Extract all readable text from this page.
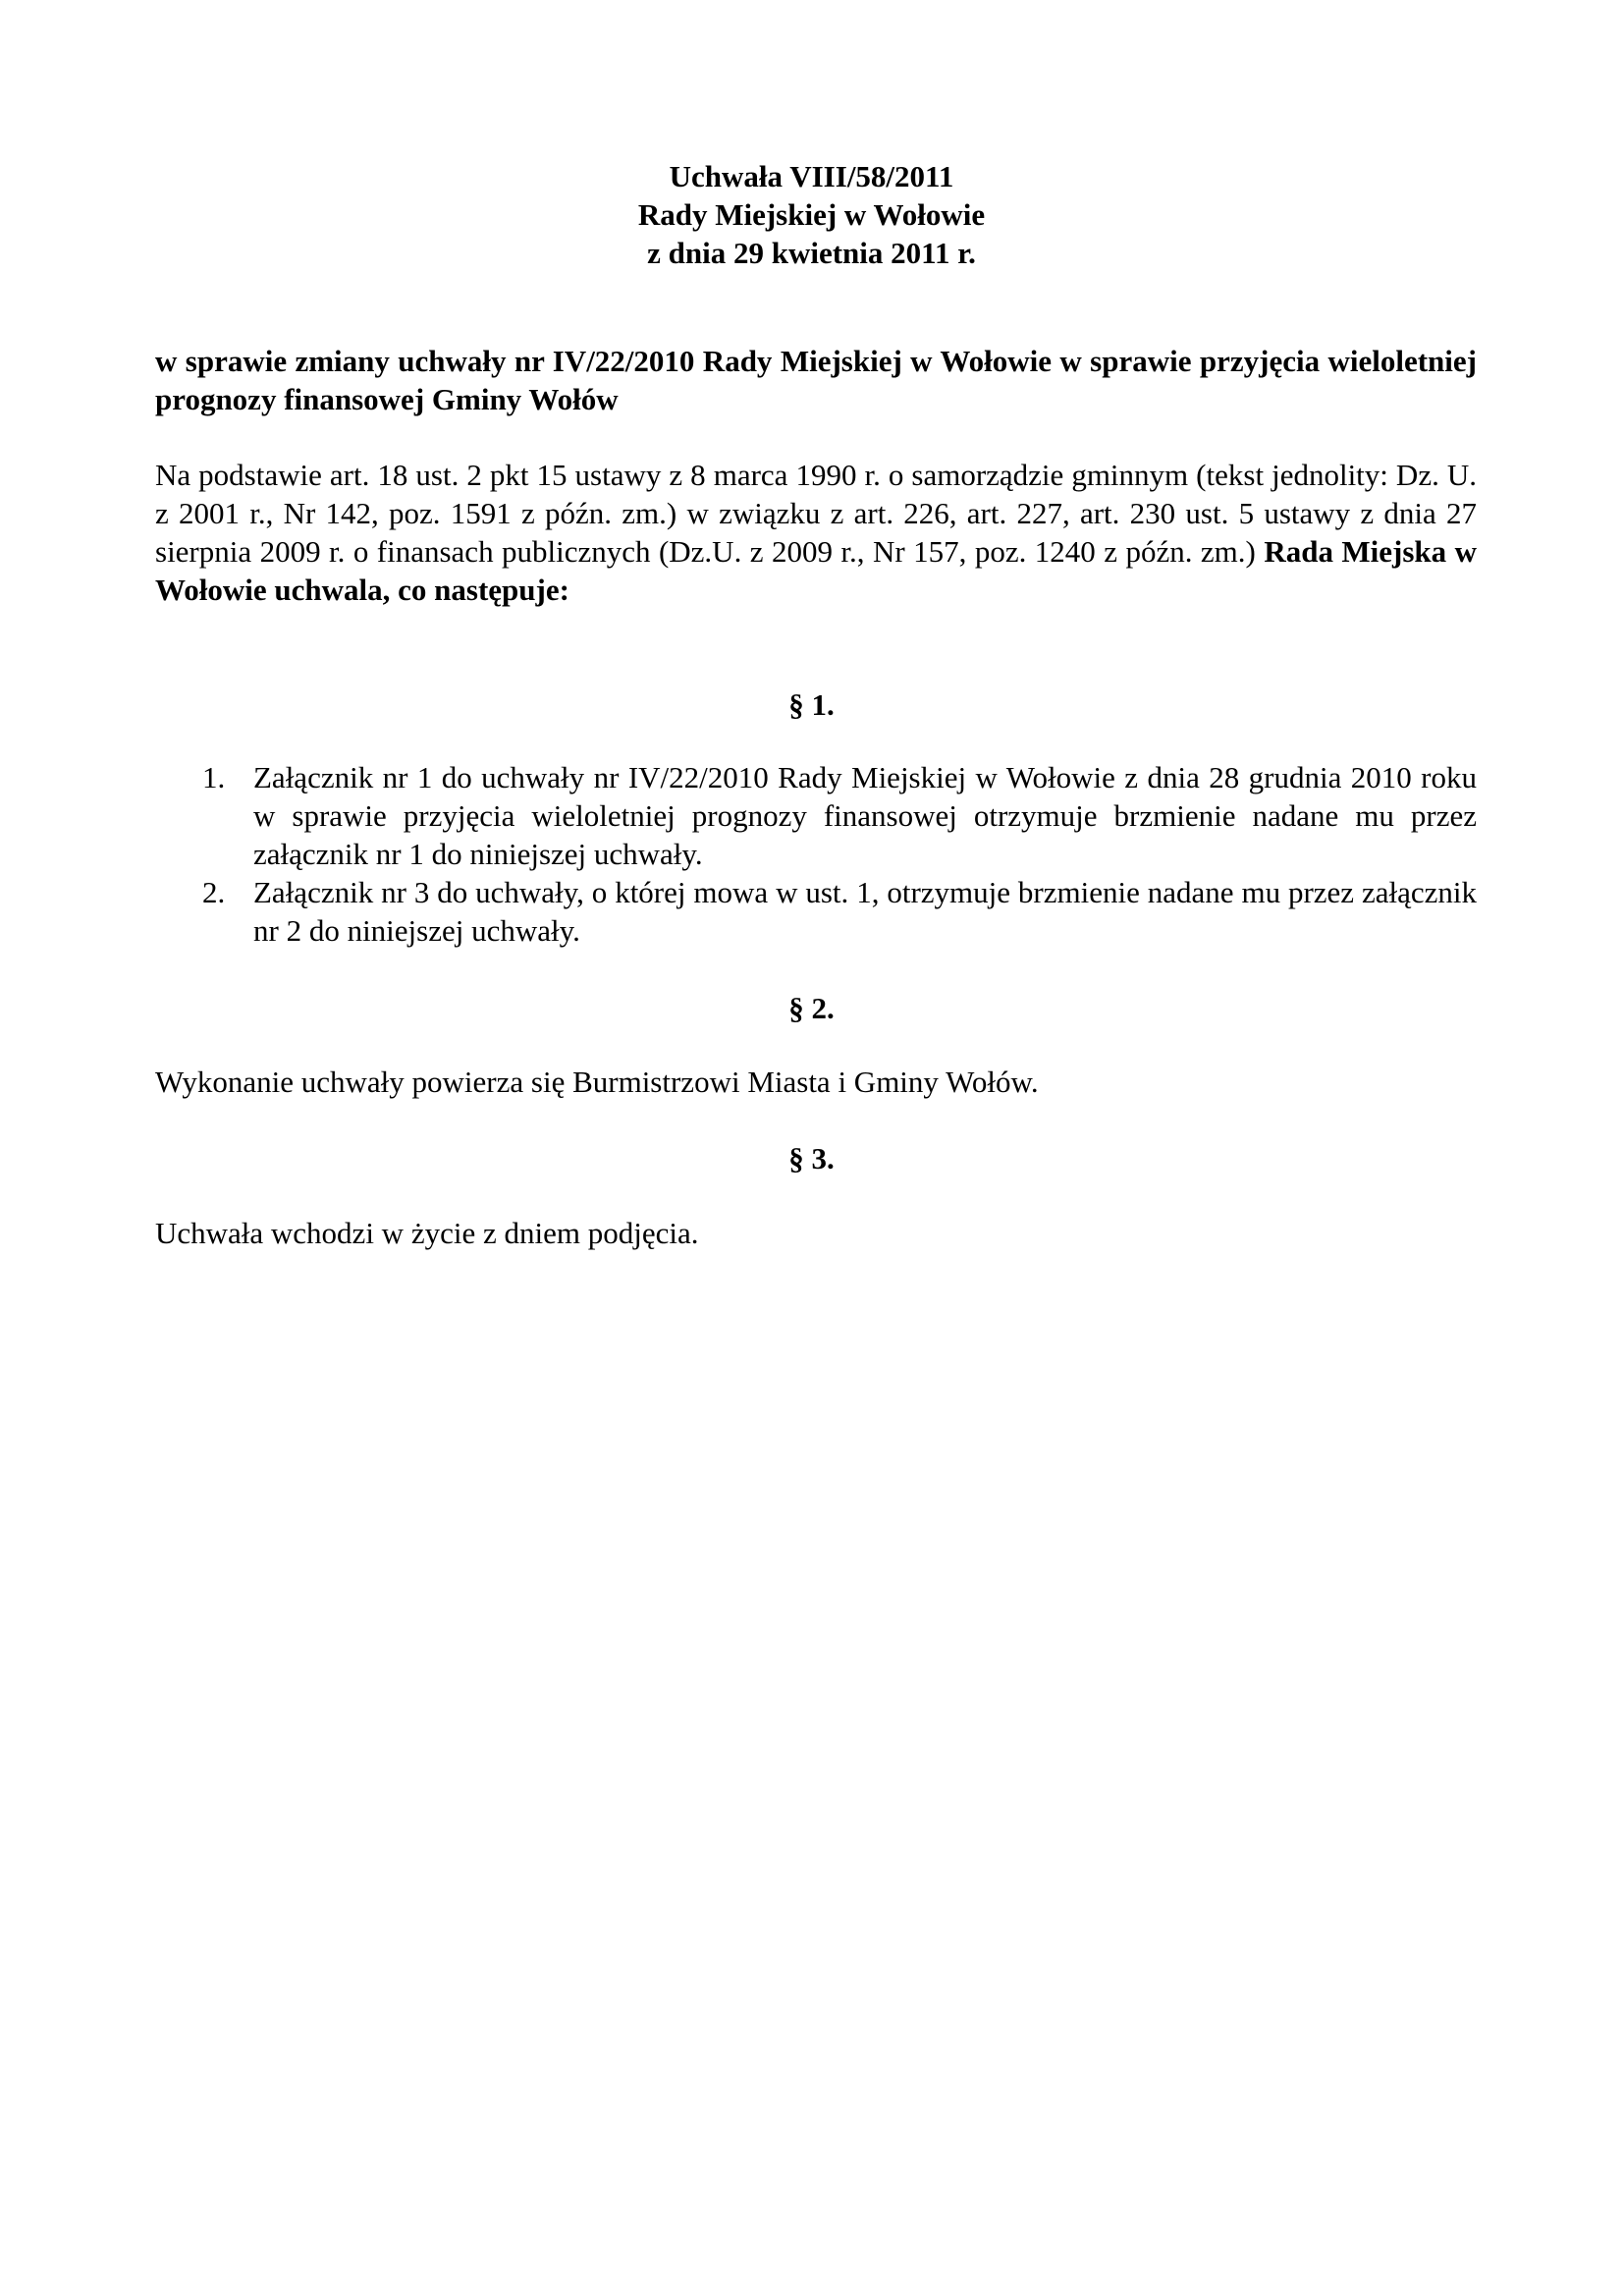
Uchwała VIII/58/2011
Rady Miejskiej w Wołowie
z dnia 29 kwietnia 2011 r.
w sprawie zmiany uchwały nr IV/22/2010 Rady Miejskiej w Wołowie w sprawie przyjęcia wieloletniej prognozy finansowej Gminy Wołów
Na podstawie art. 18 ust. 2 pkt 15 ustawy z 8 marca 1990 r. o samorządzie gminnym (tekst jednolity: Dz. U. z 2001 r., Nr 142, poz. 1591 z późn. zm.) w związku z art. 226, art. 227, art. 230 ust. 5 ustawy z dnia 27 sierpnia 2009 r. o finansach publicznych (Dz.U. z 2009 r., Nr 157, poz. 1240 z późn. zm.) Rada Miejska w Wołowie uchwala, co następuje:
§ 1.
1. Załącznik nr 1 do uchwały nr IV/22/2010 Rady Miejskiej w Wołowie z dnia 28 grudnia 2010 roku w sprawie przyjęcia wieloletniej prognozy finansowej otrzymuje brzmienie nadane mu przez załącznik nr 1 do niniejszej uchwały.
2. Załącznik nr 3 do uchwały, o której mowa w ust. 1, otrzymuje brzmienie nadane mu przez załącznik nr 2 do niniejszej uchwały.
§ 2.
Wykonanie uchwały powierza się Burmistrzowi Miasta i Gminy Wołów.
§ 3.
Uchwała wchodzi w życie z dniem podjęcia.
